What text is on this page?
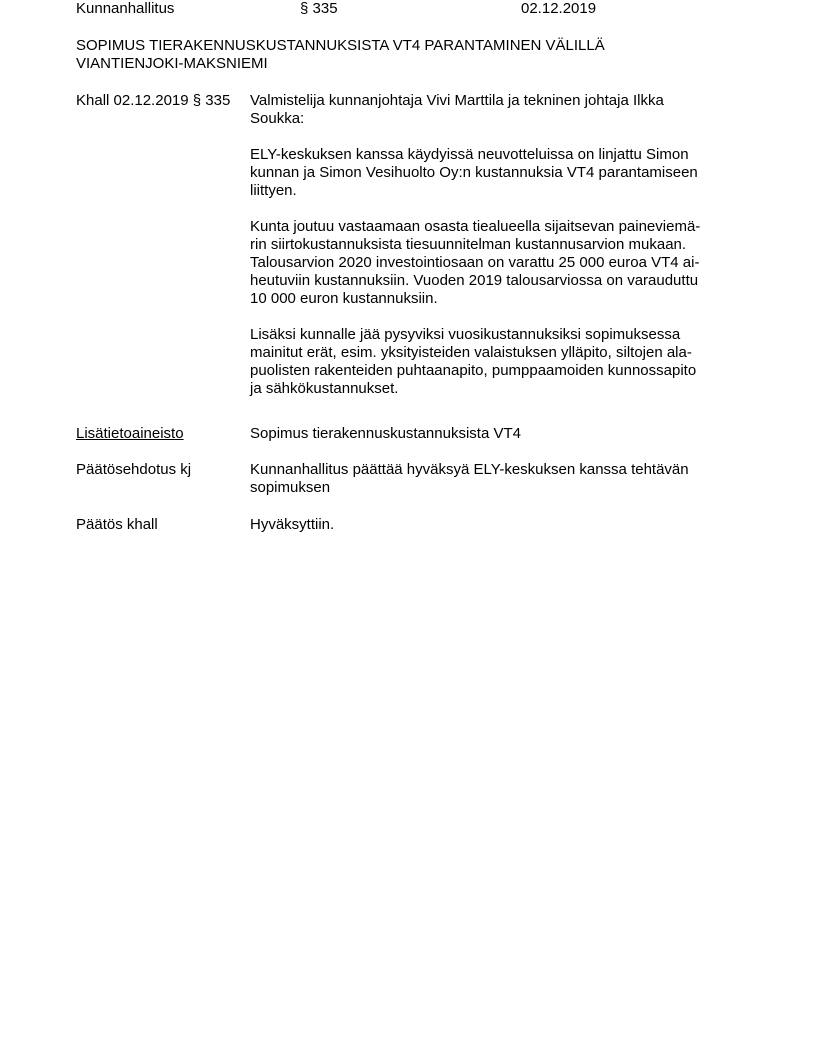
Kunnanhallitus	§ 335	02.12.2019
SOPIMUS TIERAKENNUSKUSTANNUKSISTA VT4 PARANTAMINEN VÄLILLÄ
VIANTIENJOKI-MAKSNIEMI
Khall 02.12.2019 § 335	Valmistelija kunnanjohtaja Vivi Marttila ja tekninen johtaja Ilkka
Soukka:
ELY-keskuksen kanssa käydyissä neuvotteluissa on linjattu Simon
kunnan ja Simon Vesihuolto Oy:n kustannuksia VT4 parantamiseen
liittyen.
Kunta joutuu vastaamaan osasta tiealueella sijaitsevan paineviemä-
rin siirtokustannuksista tiesuunnitelman kustannusarvion mukaan.
Talousarvion 2020 investointiosaan on varattu 25 000 euroa VT4 ai-
heutuviin kustannuksiin. Vuoden 2019 talousarviossa on varauduttu
10 000 euron kustannuksiin.
Lisäksi kunnalle jää pysyviksi vuosikustannuksiksi sopimuksessa
mainitut erät, esim. yksityisteiden valaistuksen ylläpito, siltojen ala-
puolisten rakenteiden puhtaanapito, pumppaamoiden kunnossapito
ja sähkökustannukset.
Lisätietoaineisto	Sopimus tierakennuskustannuksista VT4
Päätösehdotus kj	Kunnanhallitus päättää hyväksyä ELY-keskuksen kanssa tehtävän
sopimuksen
Päätös khall	Hyväksyttiin.
